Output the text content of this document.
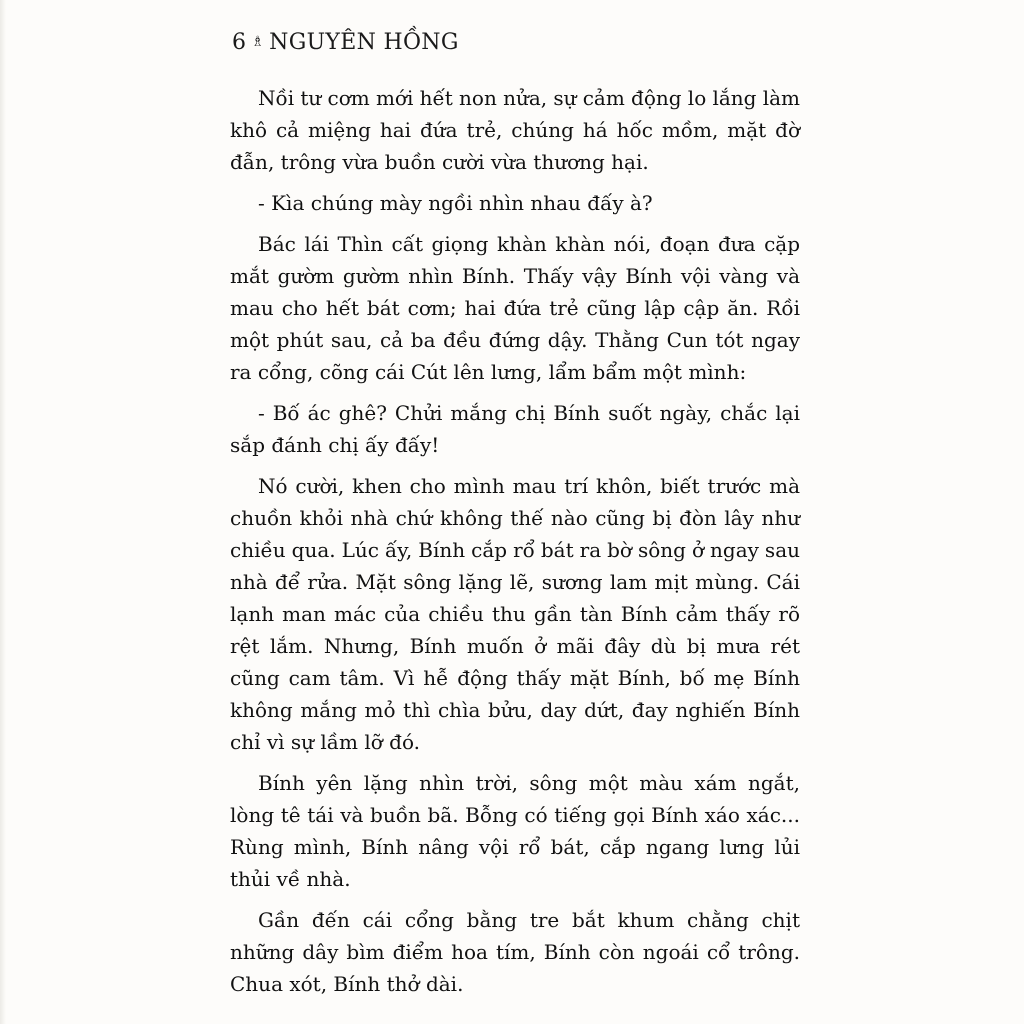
6 ♗ NGUYÊN HỒNG
Nồi tư cơm mới hết non nửa, sự cảm động lo lắng làm
khô cả miệng hai đứa trẻ, chúng há hốc mồm, mặt đờ
đẫn, trông vừa buồn cười vừa thương hại.
- Kìa chúng mày ngồi nhìn nhau đấy à?
Bác lái Thìn cất giọng khàn khàn nói, đoạn đưa cặp
mắt gườm gườm nhìn Bính. Thấy vậy Bính vội vàng và
mau cho hết bát cơm; hai đứa trẻ cũng lập cập ăn. Rồi
một phút sau, cả ba đều đứng dậy. Thằng Cun tót ngay
ra cổng, cõng cái Cút lên lưng, lẩm bẩm một mình:
- Bố ác ghê? Chửi mắng chị Bính suốt ngày, chắc lại
sắp đánh chị ấy đấy!
Nó cười, khen cho mình mau trí khôn, biết trước mà
chuồn khỏi nhà chứ không thế nào cũng bị đòn lây như
chiều qua. Lúc ấy, Bính cắp rổ bát ra bờ sông ở ngay sau
nhà để rửa. Mặt sông lặng lẽ, sương lam mịt mùng. Cái
lạnh man mác của chiều thu gần tàn Bính cảm thấy rõ
rệt lắm. Nhưng, Bính muốn ở mãi đây dù bị mưa rét
cũng cam tâm. Vì hễ động thấy mặt Bính, bố mẹ Bính
không mắng mỏ thì chìa bửu, day dứt, đay nghiến Bính
chỉ vì sự lầm lỡ đó.
Bính yên lặng nhìn trời, sông một màu xám ngắt,
lòng tê tái và buồn bã. Bỗng có tiếng gọi Bính xáo xác...
Rùng mình, Bính nâng vội rổ bát, cắp ngang lưng lủi
thủi về nhà.
Gần đến cái cổng bằng tre bắt khum chằng chịt
những dây bìm điểm hoa tím, Bính còn ngoái cổ trông.
Chua xót, Bính thở dài.
